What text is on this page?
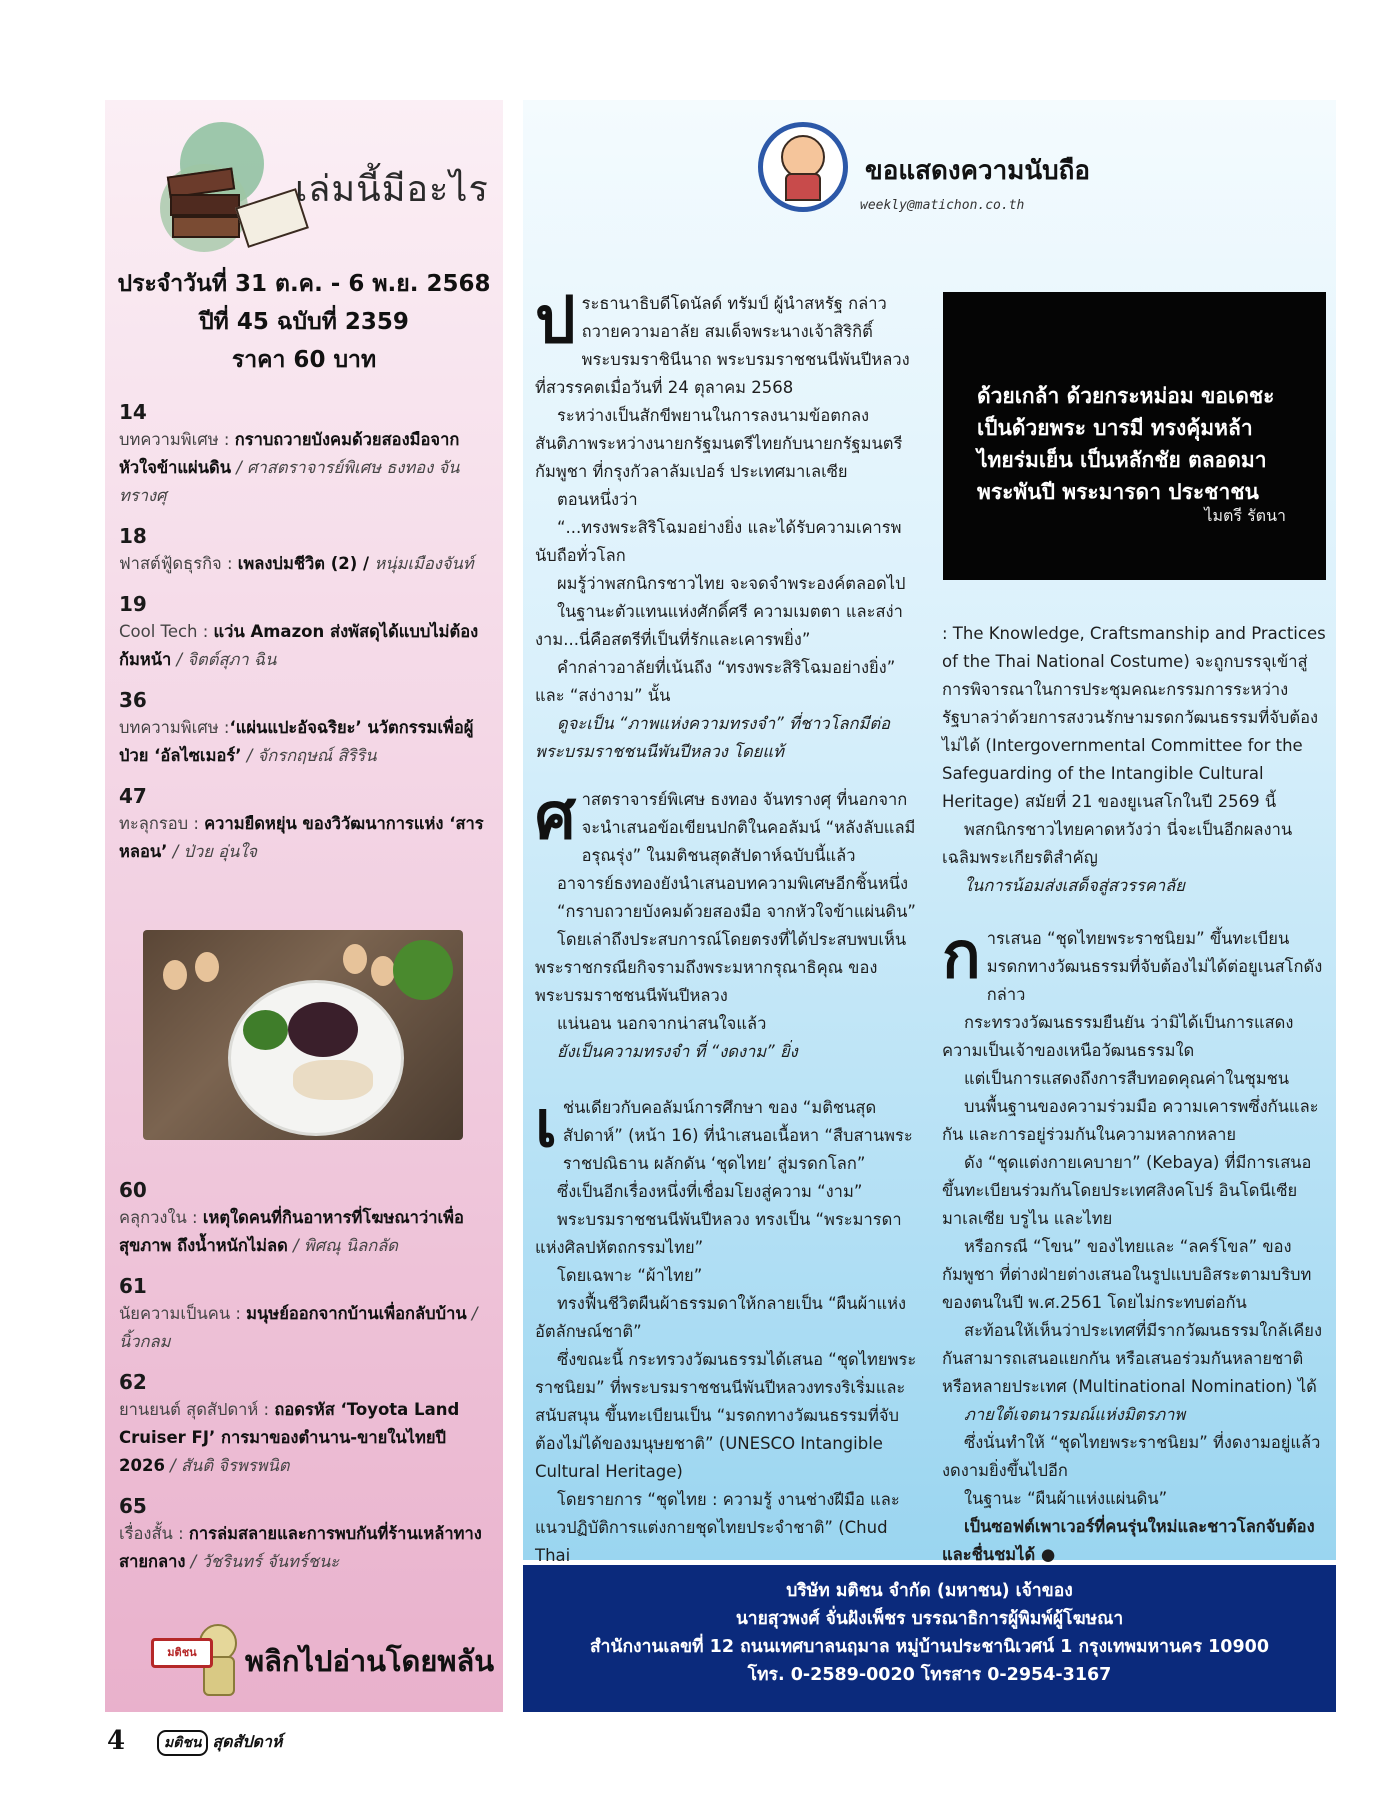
เล่มนี้มีอะไร
ประจำวันที่ 31 ต.ค. - 6 พ.ย. 2568
ปีที่ 45 ฉบับที่ 2359
ราคา 60 บาท
14
บทความพิเศษ : กราบถวายบังคมด้วยสองมือจากหัวใจข้าแผ่นดิน / ศาสตราจารย์พิเศษ ธงทอง จันทรางศุ
18
ฟาสต์ฟู้ดธุรกิจ : เพลงบ่มชีวิต (2) / หนุ่มเมืองจันท์
19
Cool Tech : แว่น Amazon ส่งพัสดุได้แบบไม่ต้องก้มหน้า / จิตต์สุภา ฉิน
36
บทความพิเศษ :‘แผ่นแปะอัจฉริยะ’ นวัตกรรมเพื่อผู้ป่วย ‘อัลไซเมอร์’ / จักรกฤษณ์ สิริริน
47
ทะลุกรอบ : ความยืดหยุ่น ของวิวัฒนาการแห่ง ‘สารหลอน’ / ป่วย อุ่นใจ
60
คลุกวงใน : เหตุใดคนที่กินอาหารที่โฆษณาว่าเพื่อสุขภาพ ถึงน้ำหนักไม่ลด / พิศณุ นิลกลัด
61
นัยความเป็นคน : มนุษย์ออกจากบ้านเพื่อกลับบ้าน / นิ้วกลม
62
ยานยนต์ สุดสัปดาห์ : ถอดรหัส ‘Toyota Land Cruiser FJ’ การมาของตำนาน-ขายในไทยปี 2026 / สันติ จิรพรพนิต
65
เรื่องสั้น : การล่มสลายและการพบกันที่ร้านเหล้าทางสายกลาง / วัชรินทร์ จันทร์ชนะ
มติชน	พลิกไปอ่านโดยพลัน
ขอแสดงความนับถือ
weekly@matichon.co.th
ป ระธานาธิบดีโดนัลด์ ทรัมป์ ผู้นำสหรัฐ กล่าวถวายความอาลัย สมเด็จพระนางเจ้าสิริกิติ์ พระบรมราชินีนาถ พระบรมราชชนนีพันปีหลวง ที่สวรรคตเมื่อวันที่ 24 ตุลาคม 2568

ระหว่างเป็นสักขีพยานในการลงนามข้อตกลงสันติภาพระหว่างนายกรัฐมนตรีไทยกับนายกรัฐมนตรีกัมพูชา ที่กรุงกัวลาลัมเปอร์ ประเทศมาเลเซีย

ตอนหนึ่งว่า

“...ทรงพระสิริโฉมอย่างยิ่ง และได้รับความเคารพนับถือทั่วโลก

ผมรู้ว่าพสกนิกรชาวไทย จะจดจำพระองค์ตลอดไป

ในฐานะตัวแทนแห่งศักดิ์ศรี ความเมตตา และสง่างาม...นี่คือสตรีที่เป็นที่รักและเคารพยิ่ง”

คำกล่าวอาลัยที่เน้นถึง “ทรงพระสิริโฉมอย่างยิ่ง” และ “สง่างาม” นั้น

ดูจะเป็น “ภาพแห่งความทรงจำ” ที่ชาวโลกมีต่อพระบรมราชชนนีพันปีหลวง โดยแท้

ศ าสตราจารย์พิเศษ ธงทอง จันทรางศุ ที่นอกจากจะนำเสนอข้อเขียนปกติในคอลัมน์ “หลังลับแลมีอรุณรุ่ง” ในมติชนสุดสัปดาห์ฉบับนี้แล้ว

อาจารย์ธงทองยังนำเสนอบทความพิเศษอีกชิ้นหนึ่ง

“กราบถวายบังคมด้วยสองมือ จากหัวใจข้าแผ่นดิน”

โดยเล่าถึงประสบการณ์โดยตรงที่ได้ประสบพบเห็นพระราชกรณียกิจรามถึงพระมหากรุณาธิคุณ ของพระบรมราชชนนีพันปีหลวง

แน่นอน นอกจากน่าสนใจแล้ว

ยังเป็นความทรงจำ ที่ “งดงาม” ยิ่ง

เ ช่นเดียวกับคอลัมน์การศึกษา ของ “มติชนสุดสัปดาห์” (หน้า 16) ที่นำเสนอเนื้อหา “สืบสานพระราชปณิธาน ผลักดัน ‘ชุดไทย’ สู่มรดกโลก”

ซึ่งเป็นอีกเรื่องหนึ่งที่เชื่อมโยงสู่ความ “งาม”

พระบรมราชชนนีพันปีหลวง ทรงเป็น “พระมารดาแห่งศิลปหัตถกรรมไทย”

โดยเฉพาะ “ผ้าไทย”

ทรงฟื้นชีวิตผืนผ้าธรรมดาให้กลายเป็น “ผืนผ้าแห่งอัตลักษณ์ชาติ”

ซึ่งขณะนี้ กระทรวงวัฒนธรรมได้เสนอ “ชุดไทยพระราชนิยม” ที่พระบรมราชชนนีพันปีหลวงทรงริเริ่มและสนับสนุน ขึ้นทะเบียนเป็น “มรดกทางวัฒนธรรมที่จับต้องไม่ได้ของมนุษยชาติ” (UNESCO Intangible Cultural Heritage)

โดยรายการ “ชุดไทย : ความรู้ งานช่างฝีมือ และแนวปฏิบัติการแต่งกายชุดไทยประจำชาติ” (Chud Thai

ด้วยเกล้า ด้วยกระหม่อม ขอเดชะ เป็นด้วยพระ บารมี ทรงคุ้มหล้า ไทยร่มเย็น เป็นหลักชัย ตลอดมา พระพันปี พระมารดา ประชาชน
ไมตรี รัตนา

: The Knowledge, Craftsmanship and Practices of the Thai National Costume) จะถูกบรรจุเข้าสู่การพิจารณาในการประชุมคณะกรรมการระหว่างรัฐบาลว่าด้วยการสงวนรักษามรดกวัฒนธรรมที่จับต้องไม่ได้ (Intergovernmental Committee for the Safeguarding of the Intangible Cultural Heritage) สมัยที่ 21 ของยูเนสโกในปี 2569 นี้

พสกนิกรชาวไทยคาดหวังว่า นี่จะเป็นอีกผลงานเฉลิมพระเกียรติสำคัญ

ในการน้อมส่งเสด็จสู่สวรรคาลัย

ก ารเสนอ “ชุดไทยพระราชนิยม” ขึ้นทะเบียนมรดกทางวัฒนธรรมที่จับต้องไม่ได้ต่อยูเนสโกดังกล่าว

กระทรวงวัฒนธรรมยืนยัน ว่ามิได้เป็นการแสดงความเป็นเจ้าของเหนือวัฒนธรรมใด

แต่เป็นการแสดงถึงการสืบทอดคุณค่าในชุมชน

บนพื้นฐานของความร่วมมือ ความเคารพซึ่งกันและกัน และการอยู่ร่วมกันในความหลากหลาย

ดัง “ชุดแต่งกายเคบายา” (Kebaya) ที่มีการเสนอขึ้นทะเบียนร่วมกันโดยประเทศสิงคโปร์ อินโดนีเซีย มาเลเซีย บรูไน และไทย

หรือกรณี “โขน” ของไทยและ “ลคร์โขล” ของกัมพูชา ที่ต่างฝ่ายต่างเสนอในรูปแบบอิสระตามบริบทของตนในปี พ.ศ.2561 โดยไม่กระทบต่อกัน

สะท้อนให้เห็นว่าประเทศที่มีรากวัฒนธรรมใกล้เคียงกันสามารถเสนอแยกกัน หรือเสนอร่วมกันหลายชาติหรือหลายประเทศ (Multinational Nomination) ได้

ภายใต้เจตนารมณ์แห่งมิตรภาพ

ซึ่งนั่นทำให้ “ชุดไทยพระราชนิยม” ที่งดงามอยู่แล้ว งดงามยิ่งขึ้นไปอีก

ในฐานะ “ผืนผ้าแห่งแผ่นดิน”

เป็นซอฟต์เพาเวอร์ที่คนรุ่นใหม่และชาวโลกจับต้องและชื่นชมได้ ●

บริษัท มติชน จำกัด (มหาชน) เจ้าของ
นายสุวพงศ์ จั่นฝังเพ็ชร บรรณาธิการผู้พิมพ์ผู้โฆษณา
สำนักงานเลขที่ 12 ถนนเทศบาลนฤมาล หมู่บ้านประชานิเวศน์ 1 กรุงเทพมหานคร 10900
โทร. 0-2589-0020 โทรสาร 0-2954-3167
4	มติชน สุดสัปดาห์
